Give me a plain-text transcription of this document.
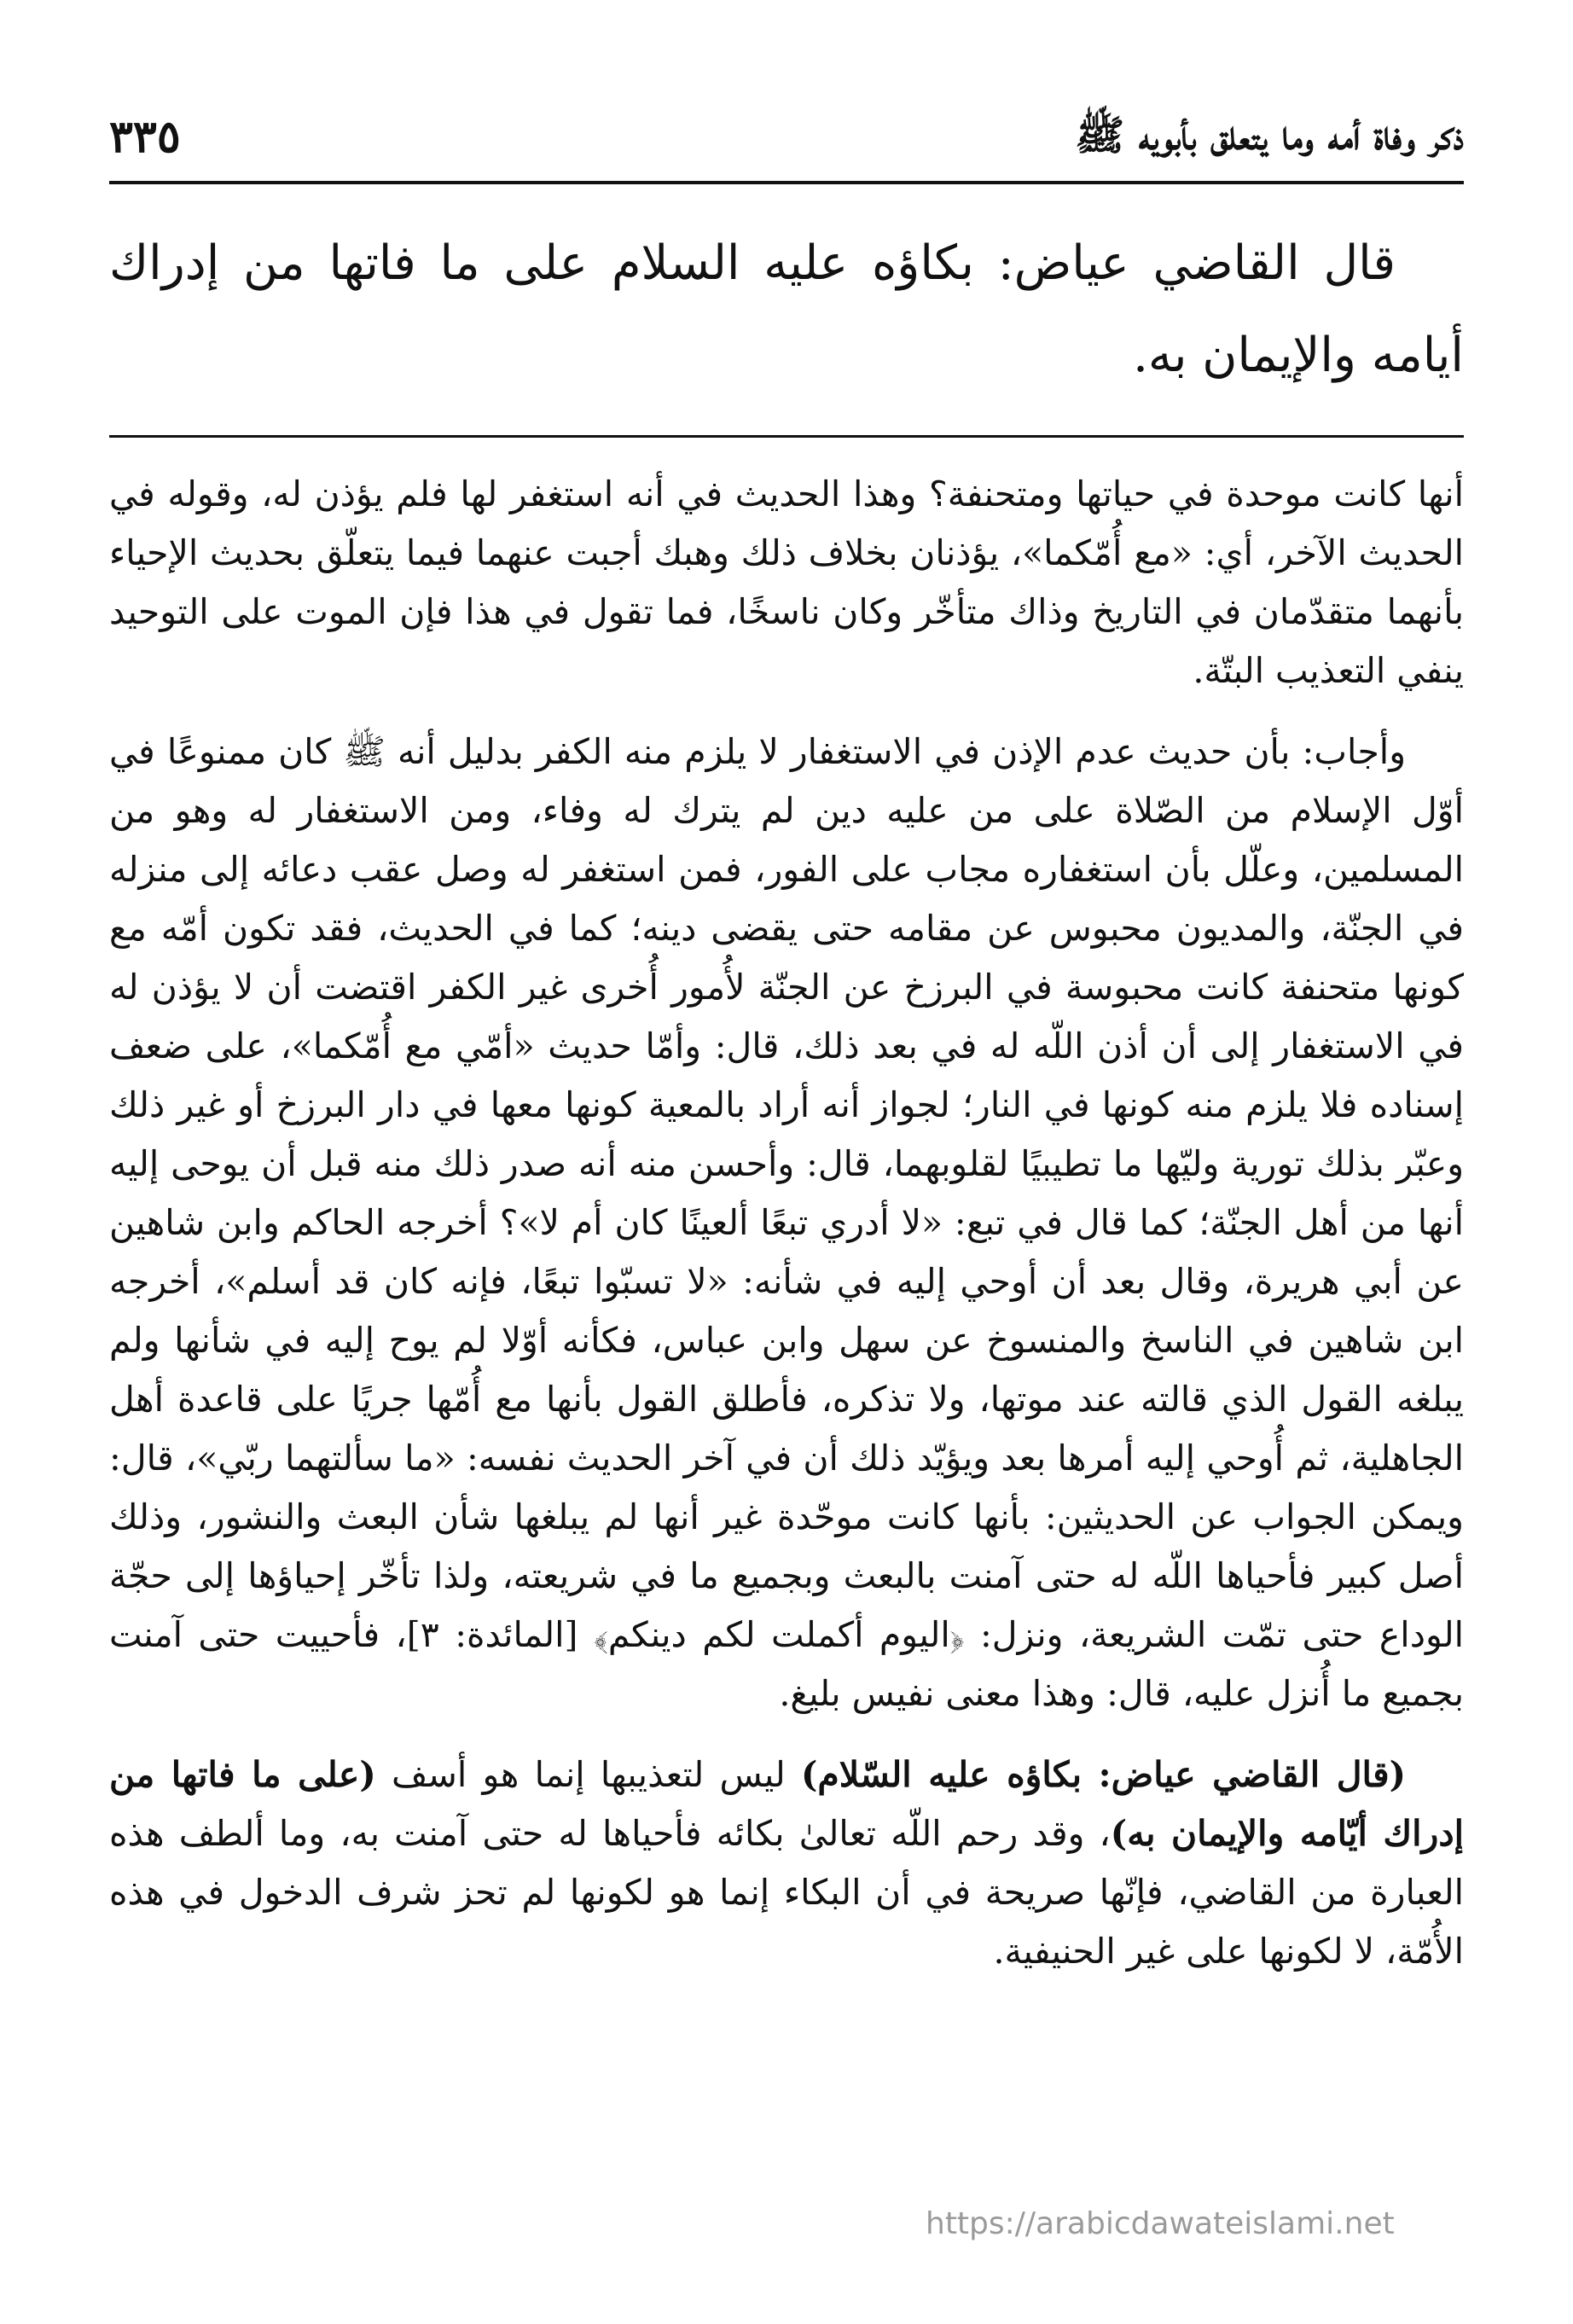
ذكر وفاة أمه وما يتعلق بأبويه ﷺ
٣٣٥

قال القاضي عياض: بكاؤه عليه السلام على ما فاتها من إدراك أيامه والإيمان به.

أنها كانت موحدة في حياتها ومتحنفة؟ وهذا الحديث في أنه استغفر لها فلم يؤذن له، وقوله في الحديث الآخر، أي: «مع أُمّكما»، يؤذنان بخلاف ذلك وهبك أجبت عنهما فيما يتعلّق بحديث الإحياء بأنهما متقدّمان في التاريخ وذاك متأخّر وكان ناسخًا، فما تقول في هذا فإن الموت على التوحيد ينفي التعذيب البتّة.

وأجاب: بأن حديث عدم الإذن في الاستغفار لا يلزم منه الكفر بدليل أنه ﷺ كان ممنوعًا في أوّل الإسلام من الصّلاة على من عليه دين لم يترك له وفاء، ومن الاستغفار له وهو من المسلمين، وعلّل بأن استغفاره مجاب على الفور، فمن استغفر له وصل عقب دعائه إلى منزله في الجنّة، والمديون محبوس عن مقامه حتى يقضى دينه؛ كما في الحديث، فقد تكون أمّه مع كونها متحنفة كانت محبوسة في البرزخ عن الجنّة لأُمور أُخرى غير الكفر اقتضت أن لا يؤذن له في الاستغفار إلى أن أذن اللّه له في بعد ذلك، قال: وأمّا حديث «أمّي مع أُمّكما»، على ضعف إسناده فلا يلزم منه كونها في النار؛ لجواز أنه أراد بالمعية كونها معها في دار البرزخ أو غير ذلك وعبّر بذلك تورية وليّها ما تطيبيًا لقلوبهما، قال: وأحسن منه أنه صدر ذلك منه قبل أن يوحى إليه أنها من أهل الجنّة؛ كما قال في تبع: «لا أدري تبعًا ألعينًا كان أم لا»؟ أخرجه الحاكم وابن شاهين عن أبي هريرة، وقال بعد أن أوحي إليه في شأنه: «لا تسبّوا تبعًا، فإنه كان قد أسلم»، أخرجه ابن شاهين في الناسخ والمنسوخ عن سهل وابن عباس، فكأنه أوّلا لم يوح إليه في شأنها ولم يبلغه القول الذي قالته عند موتها، ولا تذكره، فأطلق القول بأنها مع أُمّها جريًا على قاعدة أهل الجاهلية، ثم أُوحي إليه أمرها بعد ويؤيّد ذلك أن في آخر الحديث نفسه: «ما سألتهما ربّي»، قال: ويمكن الجواب عن الحديثين: بأنها كانت موحّدة غير أنها لم يبلغها شأن البعث والنشور، وذلك أصل كبير فأحياها اللّه له حتى آمنت بالبعث وبجميع ما في شريعته، ولذا تأخّر إحياؤها إلى حجّة الوداع حتى تمّت الشريعة، ونزل: ﴿اليوم أكملت لكم دينكم﴾ [المائدة: ٣]، فأحييت حتى آمنت بجميع ما أُنزل عليه، قال: وهذا معنى نفيس بليغ.

(قال القاضي عياض: بكاؤه عليه السّلام) ليس لتعذيبها إنما هو أسف (على ما فاتها من إدراك أيّامه والإيمان به)، وقد رحم اللّه تعالىٰ بكائه فأحياها له حتى آمنت به، وما ألطف هذه العبارة من القاضي، فإنّها صريحة في أن البكاء إنما هو لكونها لم تحز شرف الدخول في هذه الأُمّة، لا لكونها على غير الحنيفية.

https://arabicdawateislami.net
